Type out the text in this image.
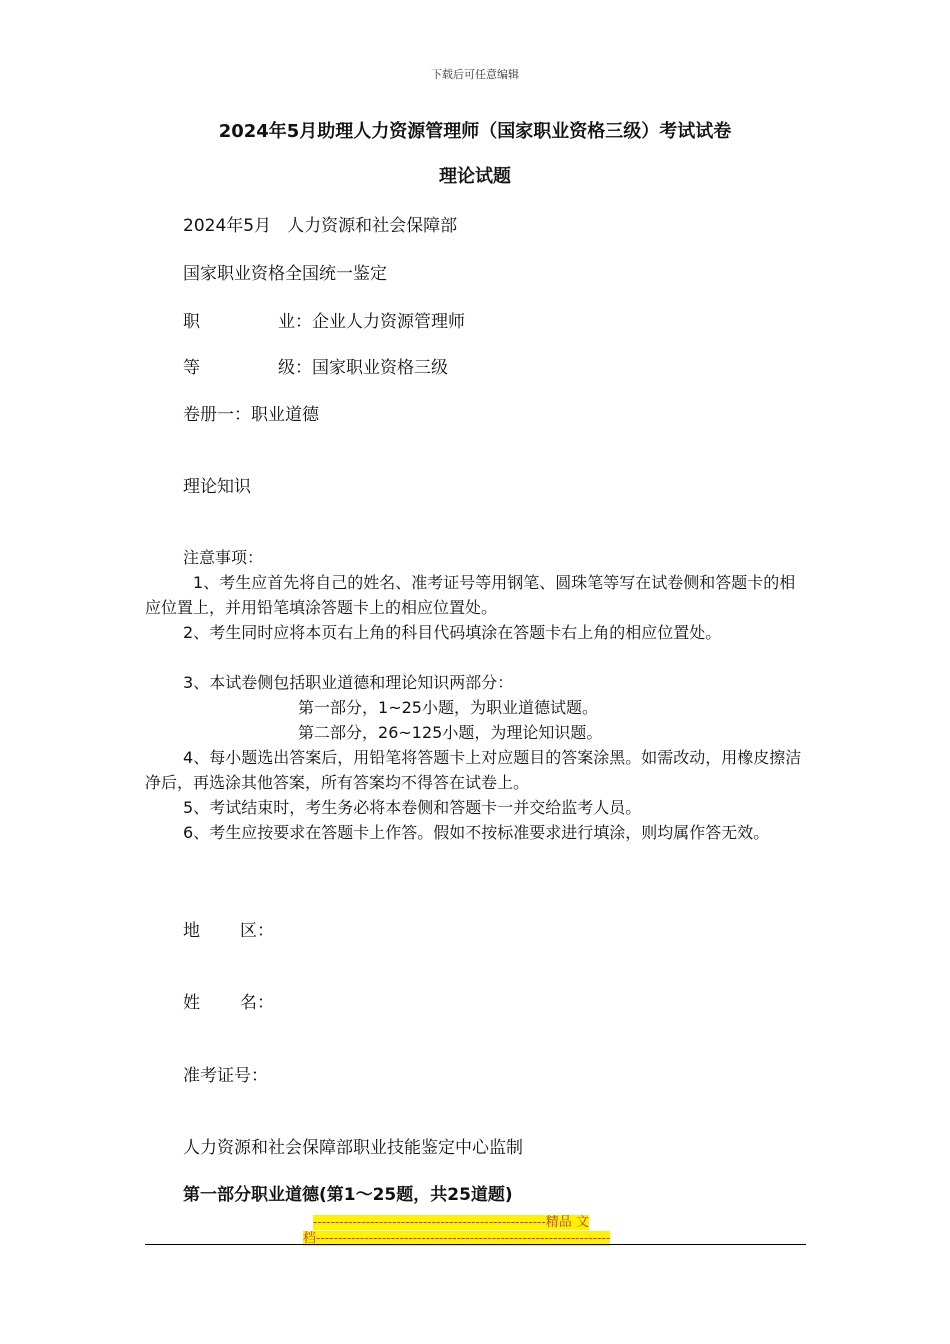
下载后可任意编辑
2024年5月助理人力资源管理师（国家职业资格三级）考试试卷
理论试题
2024年5月 人力资源和社会保障部
国家职业资格全国统一鉴定
职	业：企业人力资源管理师
等	级：国家职业资格三级
卷册一：职业道德
理论知识
注意事项：
1、考生应首先将自己的姓名、准考证号等用钢笔、圆珠笔等写在试卷侧和答题卡的相应位置上，并用铅笔填涂答题卡上的相应位置处。
2、考生同时应将本页右上角的科目代码填涂在答题卡右上角的相应位置处。
3、本试卷侧包括职业道德和理论知识两部分：
第一部分，1~25小题，为职业道德试题。
第二部分，26~125小题，为理论知识题。
4、每小题选出答案后，用铅笔将答题卡上对应题目的答案涂黑。如需改动，用橡皮擦洁净后，再选涂其他答案，所有答案均不得答在试卷上。
5、考试结束时，考生务必将本卷侧和答题卡一并交给监考人员。
6、考生应按要求在答题卡上作答。假如不按标准要求进行填涂，则均属作答无效。
地 区：
姓 名：
准考证号：
人力资源和社会保障部职业技能鉴定中心监制
第一部分职业道德(第1～25题，共25道题)
-----------------------------------------------------精品 文
档-------------------------------------------------------------------
